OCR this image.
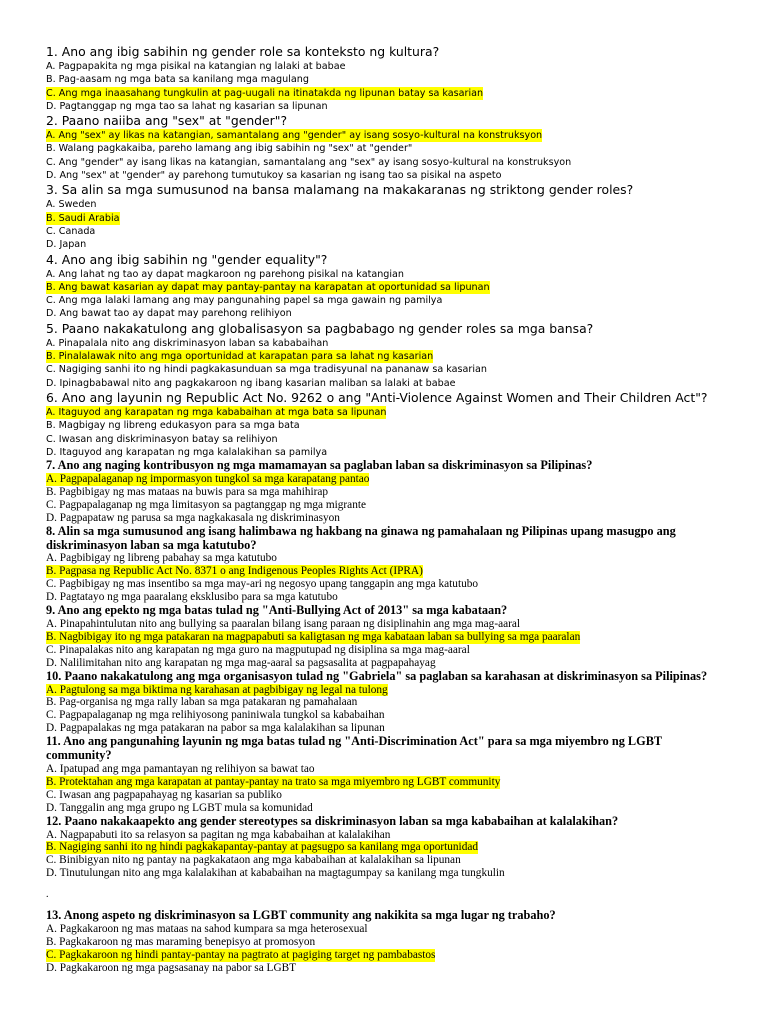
1. Ano ang ibig sabihin ng gender role sa konteksto ng kultura?

A. Pagpapakita ng mga pisikal na katangian ng lalaki at babae

B. Pag-aasam ng mga bata sa kanilang mga magulang

C. Ang mga inaasahang tungkulin at pag-uugali na itinatakda ng lipunan batay sa kasarian

D. Pagtanggap ng mga tao sa lahat ng kasarian sa lipunan

2. Paano naiiba ang "sex" at "gender"?

A. Ang "sex" ay likas na katangian, samantalang ang "gender" ay isang sosyo-kultural na konstruksyon

B. Walang pagkakaiba, pareho lamang ang ibig sabihin ng "sex" at "gender"

C. Ang "gender" ay isang likas na katangian, samantalang ang "sex" ay isang sosyo-kultural na konstruksyon

D. Ang "sex" at "gender" ay parehong tumutukoy sa kasarian ng isang tao sa pisikal na aspeto

3. Sa alin sa mga sumusunod na bansa malamang na makakaranas ng striktong gender roles?

A. Sweden

B. Saudi Arabia

C. Canada

D. Japan

4. Ano ang ibig sabihin ng "gender equality"?

A. Ang lahat ng tao ay dapat magkaroon ng parehong pisikal na katangian

B. Ang bawat kasarian ay dapat may pantay-pantay na karapatan at oportunidad sa lipunan

C. Ang mga lalaki lamang ang may pangunahing papel sa mga gawain ng pamilya

D. Ang bawat tao ay dapat may parehong relihiyon

5. Paano nakakatulong ang globalisasyon sa pagbabago ng gender roles sa mga bansa?

A. Pinapalala nito ang diskriminasyon laban sa kababaihan

B. Pinalalawak nito ang mga oportunidad at karapatan para sa lahat ng kasarian

C. Nagiging sanhi ito ng hindi pagkakasunduan sa mga tradisyunal na pananaw sa kasarian

D. Ipinagbabawal nito ang pagkakaroon ng ibang kasarian maliban sa lalaki at babae

6. Ano ang layunin ng Republic Act No. 9262 o ang "Anti-Violence Against Women and Their Children Act"?

A. Itaguyod ang karapatan ng mga kababaihan at mga bata sa lipunan

B. Magbigay ng libreng edukasyon para sa mga bata

C. Iwasan ang diskriminasyon batay sa relihiyon

D. Itaguyod ang karapatan ng mga kalalakihan sa pamilya

7. Ano ang naging kontribusyon ng mga mamamayan sa paglaban laban sa diskriminasyon sa Pilipinas?

A. Pagpapalaganap ng impormasyon tungkol sa mga karapatang pantao

B. Pagbibigay ng mas mataas na buwis para sa mga mahihirap

C. Pagpapalaganap ng mga limitasyon sa pagtanggap ng mga migrante

D. Pagpapataw ng parusa sa mga nagkakasala ng diskriminasyon

8. Alin sa mga sumusunod ang isang halimbawa ng hakbang na ginawa ng pamahalaan ng Pilipinas upang masugpo ang diskriminasyon laban sa mga katutubo?

A. Pagbibigay ng libreng pabahay sa mga katutubo

B. Pagpasa ng Republic Act No. 8371 o ang Indigenous Peoples Rights Act (IPRA)

C. Pagbibigay ng mas insentibo sa mga may-ari ng negosyo upang tanggapin ang mga katutubo

D. Pagtatayo ng mga paaralang eksklusibo para sa mga katutubo

9. Ano ang epekto ng mga batas tulad ng "Anti-Bullying Act of 2013" sa mga kabataan?

A. Pinapahintulutan nito ang bullying sa paaralan bilang isang paraan ng disiplinahin ang mga mag-aaral

B. Nagbibigay ito ng mga patakaran na magpapabuti sa kaligtasan ng mga kabataan laban sa bullying sa mga paaralan

C. Pinapalakas nito ang karapatan ng mga guro na magputupad ng disiplina sa mga mag-aaral

D. Nalilimitahan nito ang karapatan ng mga mag-aaral sa pagsasalita at pagpapahayag

10. Paano nakakatulong ang mga organisasyon tulad ng "Gabriela" sa paglaban sa karahasan at diskriminasyon sa Pilipinas?

A. Pagtulong sa mga biktima ng karahasan at pagbibigay ng legal na tulong

B. Pag-organisa ng mga rally laban sa mga patakaran ng pamahalaan

C. Pagpapalaganap ng mga relihiyosong paniniwala tungkol sa kababaihan

D. Pagpapalakas ng mga patakaran na pabor sa mga kalalakihan sa lipunan

11. Ano ang pangunahing layunin ng mga batas tulad ng "Anti-Discrimination Act" para sa mga miyembro ng LGBT community?

A. Ipatupad ang mga pamantayan ng relihiyon sa bawat tao

B. Protektahan ang mga karapatan at pantay-pantay na trato sa mga miyembro ng LGBT community

C. Iwasan ang pagpapahayag ng kasarian sa publiko

D. Tanggalin ang mga grupo ng LGBT mula sa komunidad

12. Paano nakakaapekto ang gender stereotypes sa diskriminasyon laban sa mga kababaihan at kalalakihan?

A. Nagpapabuti ito sa relasyon sa pagitan ng mga kababaihan at kalalakihan

B. Nagiging sanhi ito ng hindi pagkakapantay-pantay at pagsugpo sa kanilang mga oportunidad

C. Binibigyan nito ng pantay na pagkakataon ang mga kababaihan at kalalakihan sa lipunan

D. Tinutulungan nito ang mga kalalakihan at kababaihan na magtagumpay sa kanilang mga tungkulin

.

13. Anong aspeto ng diskriminasyon sa LGBT community ang nakikita sa mga lugar ng trabaho?

A. Pagkakaroon ng mas mataas na sahod kumpara sa mga heterosexual

B. Pagkakaroon ng mas maraming benepisyo at promosyon

C. Pagkakaroon ng hindi pantay-pantay na pagtrato at pagiging target ng pambabastos

D. Pagkakaroon ng mga pagsasanay na pabor sa LGBT
